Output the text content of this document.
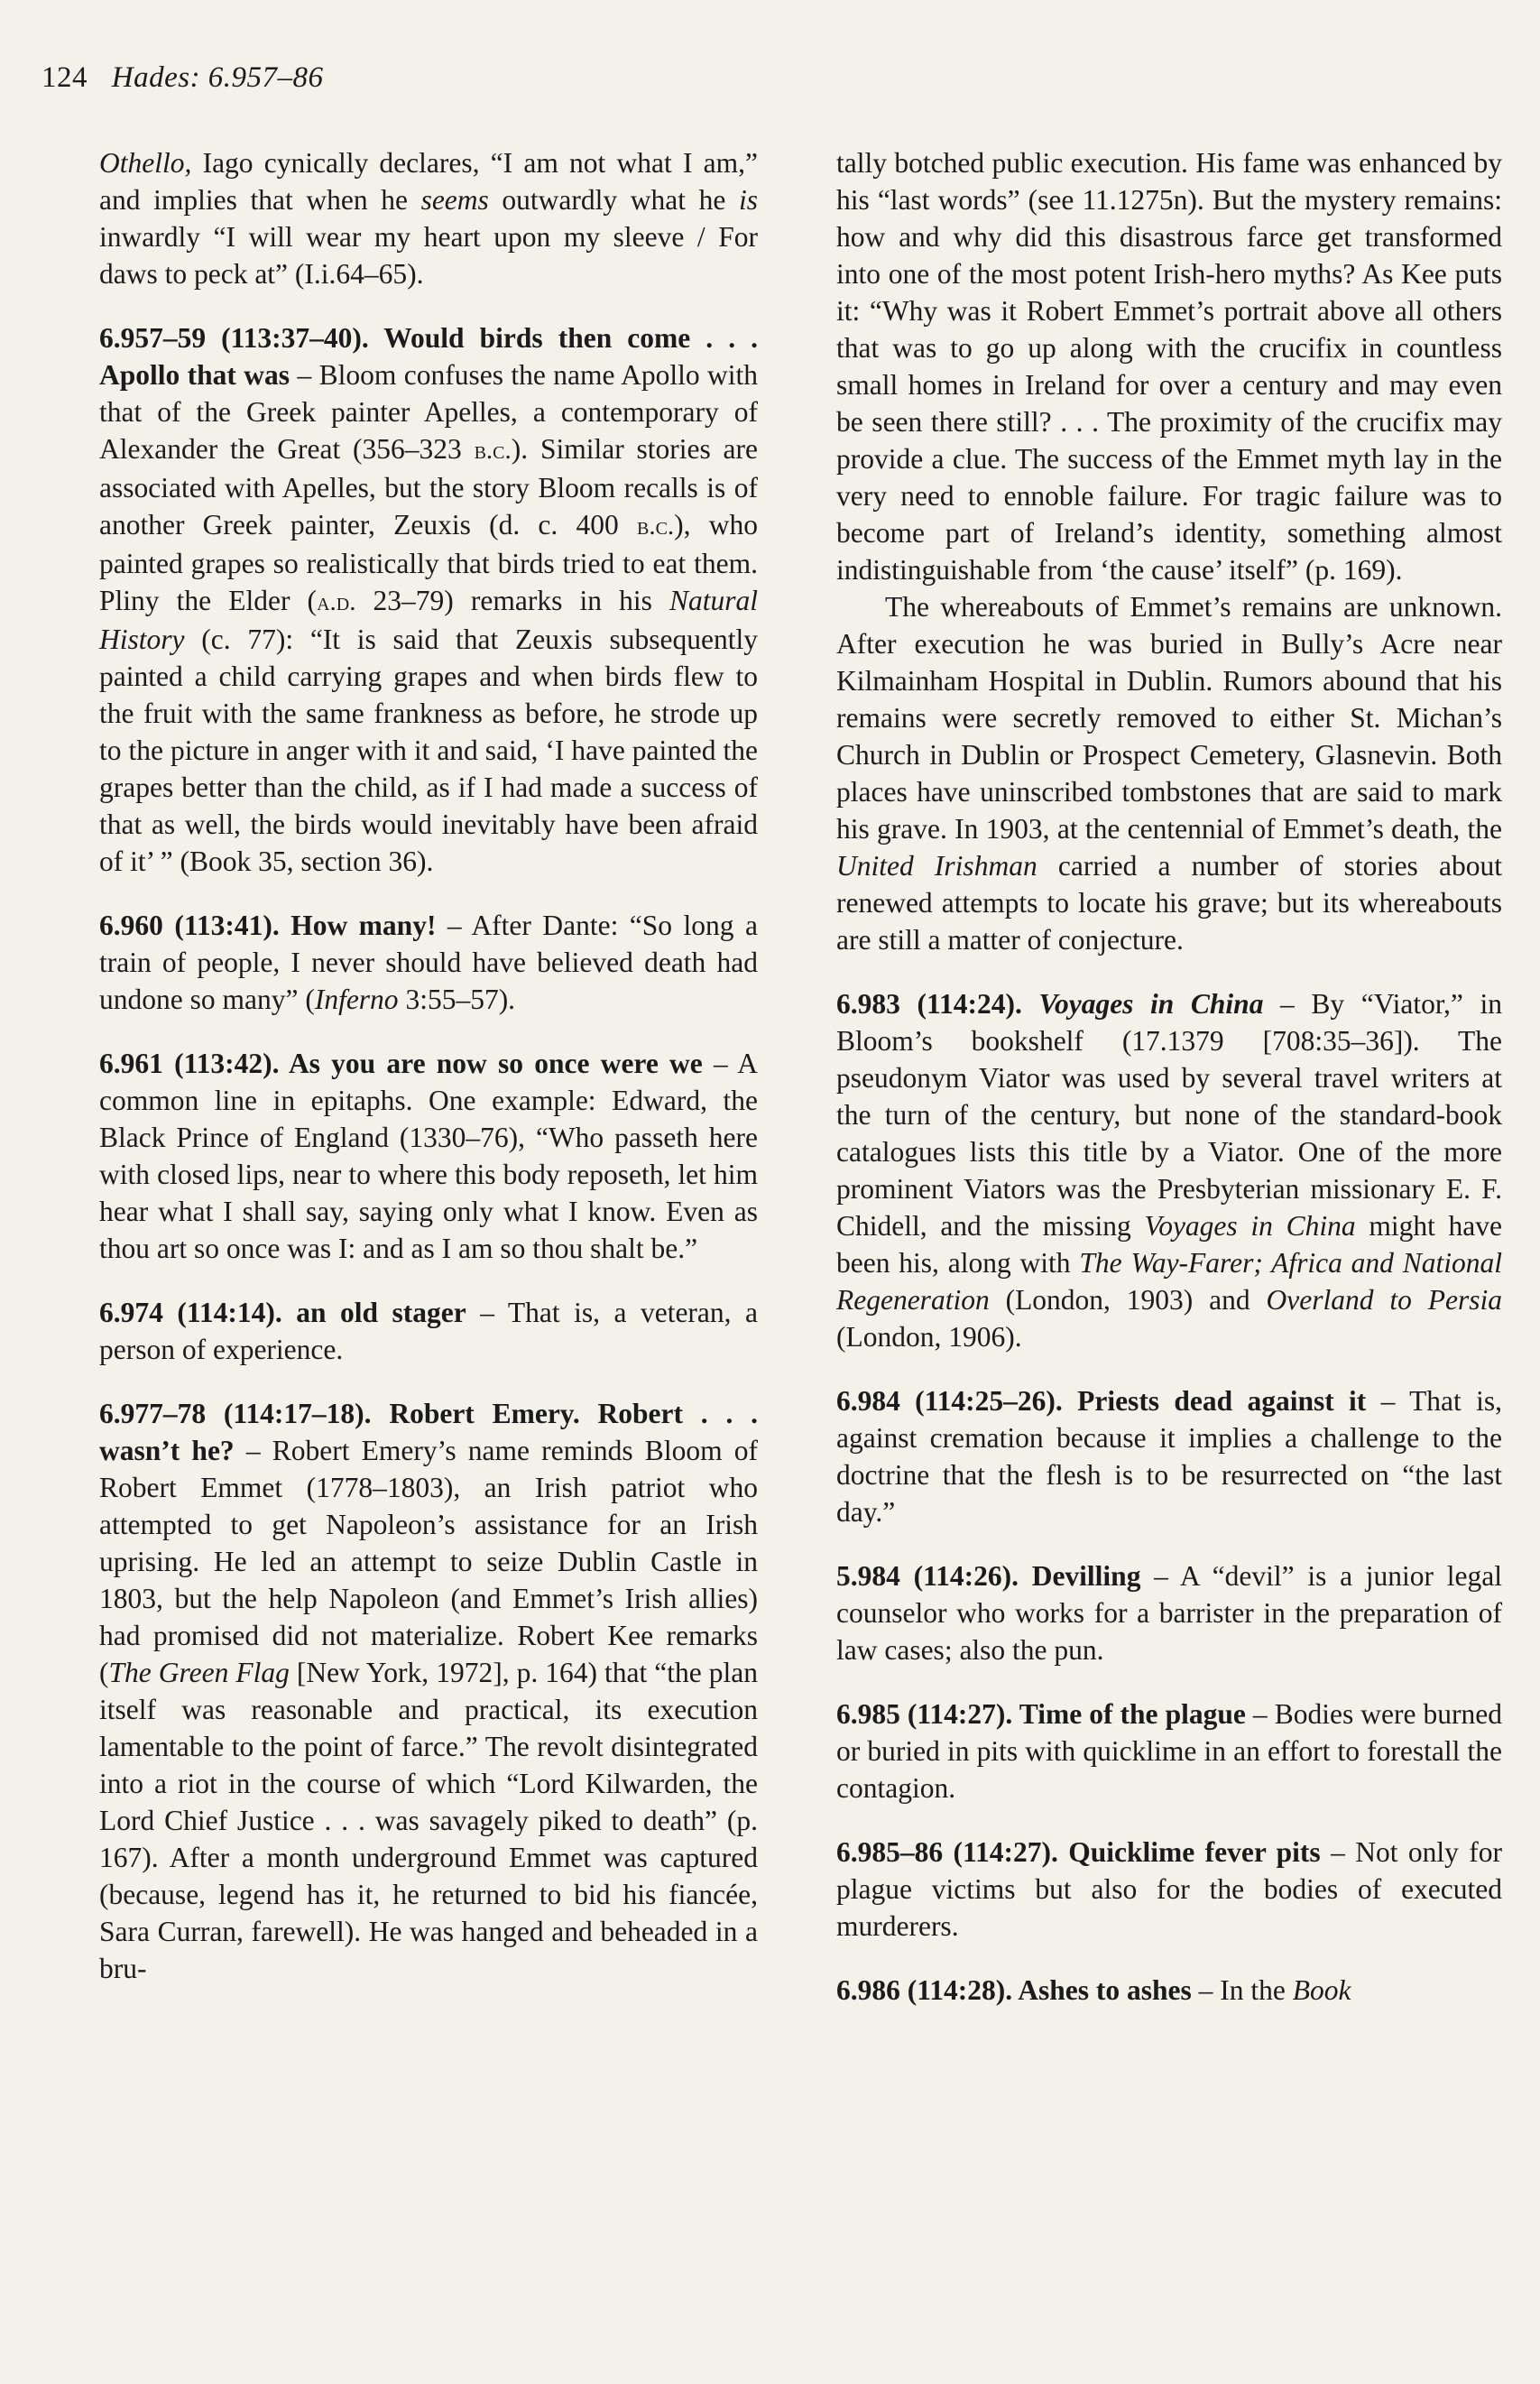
124 Hades: 6.957–86

Othello, Iago cynically declares, “I am not what I am,” and implies that when he seems outwardly what he is inwardly “I will wear my heart upon my sleeve / For daws to peck at” (I.i.64–65).

6.957–59 (113:37–40). Would birds then come . . . Apollo that was – Bloom confuses the name Apollo with that of the Greek painter Apelles, a contemporary of Alexander the Great (356–323 b.c.). Similar stories are associated with Apelles, but the story Bloom recalls is of another Greek painter, Zeuxis (d. c. 400 b.c.), who painted grapes so realistically that birds tried to eat them. Pliny the Elder (a.d. 23–79) remarks in his Natural History (c. 77): “It is said that Zeuxis subsequently painted a child carrying grapes and when birds flew to the fruit with the same frankness as before, he strode up to the picture in anger with it and said, ‘I have painted the grapes better than the child, as if I had made a success of that as well, the birds would inevitably have been afraid of it’ ” (Book 35, section 36).

6.960 (113:41). How many! – After Dante: “So long a train of people, I never should have believed death had undone so many” (Inferno 3:55–57).

6.961 (113:42). As you are now so once were we – A common line in epitaphs. One example: Edward, the Black Prince of England (1330–76), “Who passeth here with closed lips, near to where this body reposeth, let him hear what I shall say, saying only what I know. Even as thou art so once was I: and as I am so thou shalt be.”

6.974 (114:14). an old stager – That is, a veteran, a person of experience.

6.977–78 (114:17–18). Robert Emery. Robert . . . wasn’t he? – Robert Emery’s name reminds Bloom of Robert Emmet (1778–1803), an Irish patriot who attempted to get Napoleon’s assistance for an Irish uprising. He led an attempt to seize Dublin Castle in 1803, but the help Napoleon (and Emmet’s Irish allies) had promised did not materialize. Robert Kee remarks (The Green Flag [New York, 1972], p. 164) that “the plan itself was reasonable and practical, its execution lamentable to the point of farce.” The revolt disintegrated into a riot in the course of which “Lord Kilwarden, the Lord Chief Justice . . . was savagely piked to death” (p. 167). After a month underground Emmet was captured (because, legend has it, he returned to bid his fiancée, Sara Curran, farewell). He was hanged and beheaded in a bru-

tally botched public execution. His fame was enhanced by his “last words” (see 11.1275n). But the mystery remains: how and why did this disastrous farce get transformed into one of the most potent Irish-hero myths? As Kee puts it: “Why was it Robert Emmet’s portrait above all others that was to go up along with the crucifix in countless small homes in Ireland for over a century and may even be seen there still? . . . The proximity of the crucifix may provide a clue. The success of the Emmet myth lay in the very need to ennoble failure. For tragic failure was to become part of Ireland’s identity, something almost indistinguishable from ‘the cause’ itself” (p. 169).

The whereabouts of Emmet’s remains are unknown. After execution he was buried in Bully’s Acre near Kilmainham Hospital in Dublin. Rumors abound that his remains were secretly removed to either St. Michan’s Church in Dublin or Prospect Cemetery, Glasnevin. Both places have uninscribed tombstones that are said to mark his grave. In 1903, at the centennial of Emmet’s death, the United Irishman carried a number of stories about renewed attempts to locate his grave; but its whereabouts are still a matter of conjecture.

6.983 (114:24). Voyages in China – By “Viator,” in Bloom’s bookshelf (17.1379 [708:35–36]). The pseudonym Viator was used by several travel writers at the turn of the century, but none of the standard-book catalogues lists this title by a Viator. One of the more prominent Viators was the Presbyterian missionary E. F. Chidell, and the missing Voyages in China might have been his, along with The Way-Farer; Africa and National Regeneration (London, 1903) and Overland to Persia (London, 1906).

6.984 (114:25–26). Priests dead against it – That is, against cremation because it implies a challenge to the doctrine that the flesh is to be resurrected on “the last day.”

5.984 (114:26). Devilling – A “devil” is a junior legal counselor who works for a barrister in the preparation of law cases; also the pun.

6.985 (114:27). Time of the plague – Bodies were burned or buried in pits with quicklime in an effort to forestall the contagion.

6.985–86 (114:27). Quicklime fever pits – Not only for plague victims but also for the bodies of executed murderers.

6.986 (114:28). Ashes to ashes – In the Book
